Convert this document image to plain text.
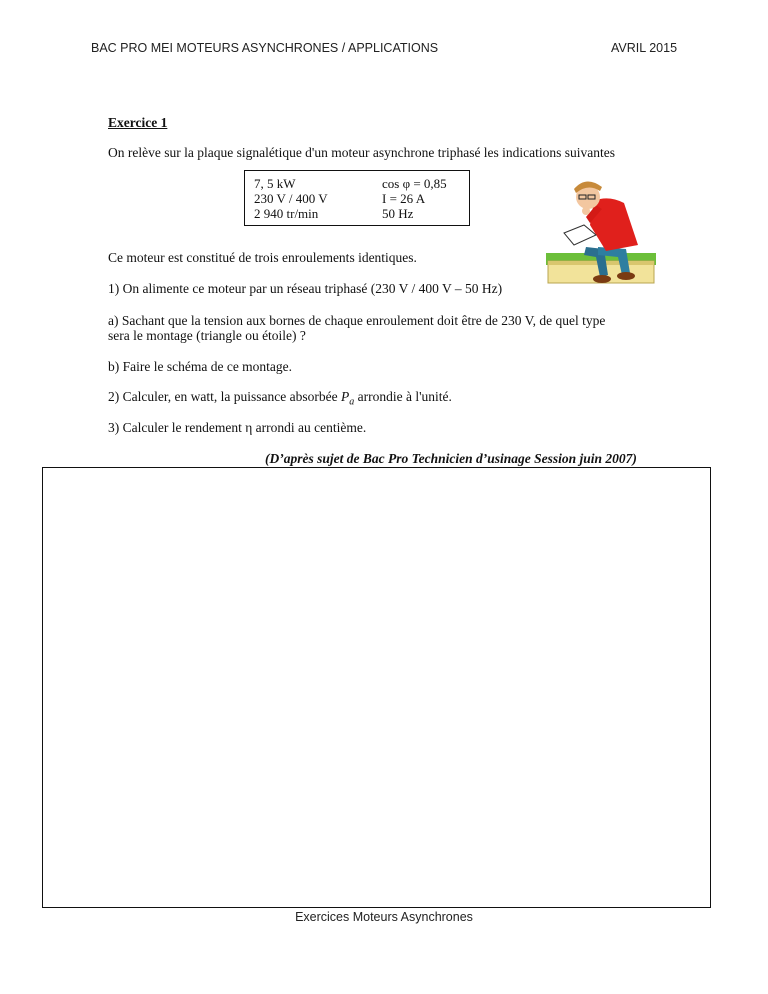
BAC PRO MEI MOTEURS ASYNCHRONES / APPLICATIONS	AVRIL 2015
Exercice 1
On relève sur la plaque signalétique d'un moteur asynchrone triphasé les indications suivantes
7, 5 kW
230 V / 400 V
2 940 tr/min
cos φ = 0,85
I = 26 A
50 Hz
Ce moteur est constitué de trois enroulements identiques.
1) On alimente ce moteur par un réseau triphasé (230 V / 400 V – 50 Hz)
a) Sachant que la tension aux bornes de chaque enroulement doit être de 230 V, de quel type
sera le montage (triangle ou étoile) ?
b) Faire le schéma de ce montage.
2) Calculer, en watt, la puissance absorbée $P_a$ arrondie à l'unité.
3) Calculer le rendement η arrondi au centième.
(D’après sujet de Bac Pro Technicien d’usinage Session juin 2007)
Exercices Moteurs Asynchrones
